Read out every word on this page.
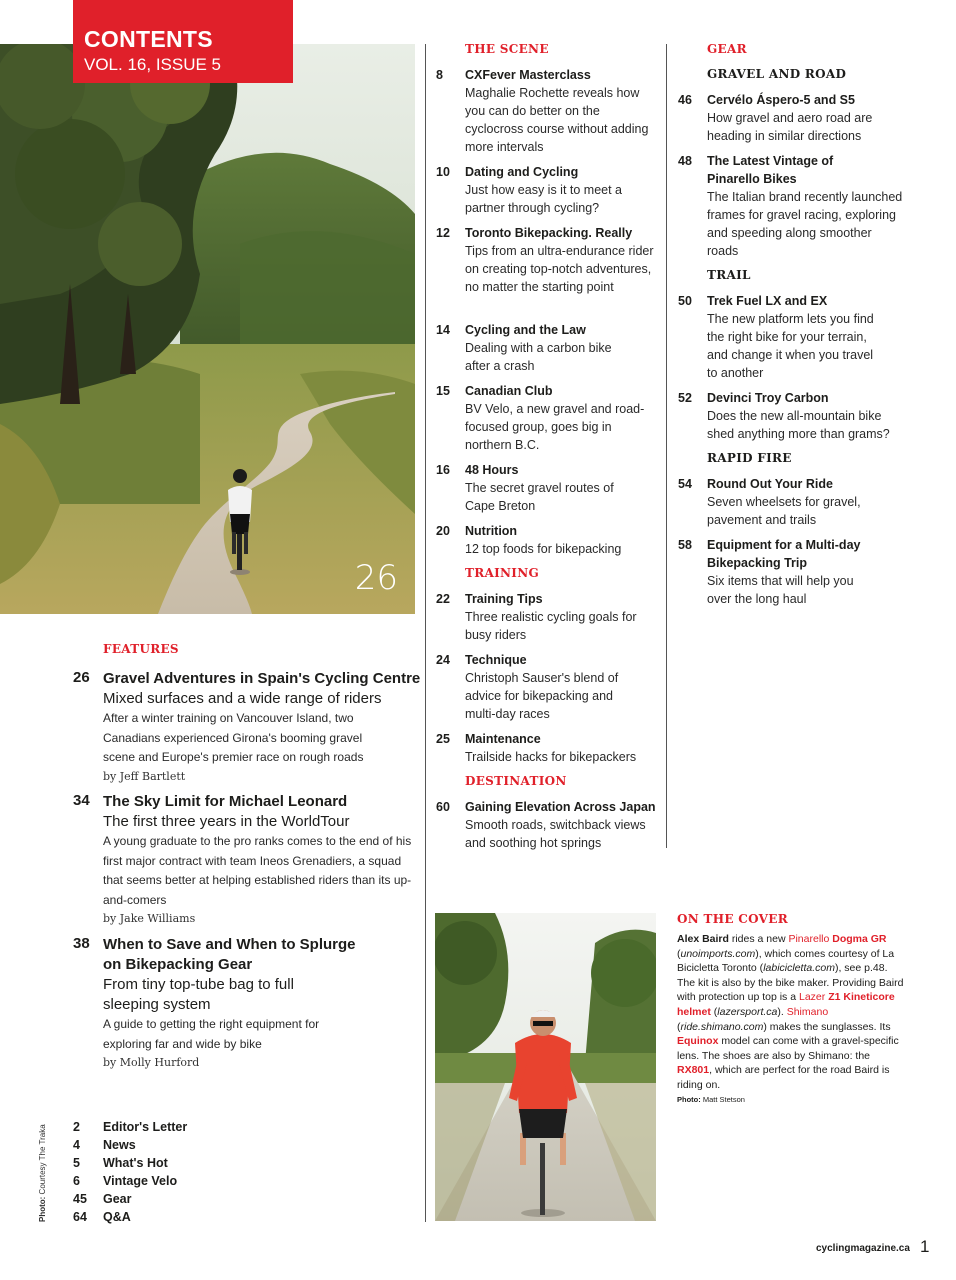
CONTENTS
VOL. 16, ISSUE 5
26
THE SCENE
8 CXFever Masterclass
Maghalie Rochette reveals how you can do better on the cyclocross course without adding more intervals
10 Dating and Cycling
Just how easy is it to meet a partner through cycling?
12 Toronto Bikepacking. Really
Tips from an ultra-endurance rider on creating top-notch adventures, no matter the starting point
14 Cycling and the Law
Dealing with a carbon bike after a crash
15 Canadian Club
BV Velo, a new gravel and road-focused group, goes big in northern B.C.
16 48 Hours
The secret gravel routes of Cape Breton
20 Nutrition
12 top foods for bikepacking
TRAINING
22 Training Tips
Three realistic cycling goals for busy riders
24 Technique
Christoph Sauser's blend of advice for bikepacking and multi-day races
25 Maintenance
Trailside hacks for bikepackers
DESTINATION
60 Gaining Elevation Across Japan
Smooth roads, switchback views and soothing hot springs
GEAR
GRAVEL AND ROAD
46 Cervélo Áspero-5 and S5
How gravel and aero road are heading in similar directions
48 The Latest Vintage of Pinarello Bikes
The Italian brand recently launched frames for gravel racing, exploring and speeding along smoother roads
TRAIL
50 Trek Fuel LX and EX
The new platform lets you find the right bike for your terrain, and change it when you travel to another
52 Devinci Troy Carbon
Does the new all-mountain bike shed anything more than grams?
RAPID FIRE
54 Round Out Your Ride
Seven wheelsets for gravel, pavement and trails
58 Equipment for a Multi-day Bikepacking Trip
Six items that will help you over the long haul
FEATURES
26 Gravel Adventures in Spain's Cycling Centre
Mixed surfaces and a wide range of riders
After a winter training on Vancouver Island, two Canadians experienced Girona's booming gravel scene and Europe's premier race on rough roads
by Jeff Bartlett
34 The Sky Limit for Michael Leonard
The first three years in the WorldTour
A young graduate to the pro ranks comes to the end of his first major contract with team Ineos Grenadiers, a squad that seems better at helping established riders than its up-and-comers
by Jake Williams
38 When to Save and When to Splurge on Bikepacking Gear
From tiny top-tube bag to full sleeping system
A guide to getting the right equipment for exploring far and wide by bike
by Molly Hurford
2 Editor's Letter
4 News
5 What's Hot
6 Vintage Velo
45 Gear
64 Q&A
Photo: Courtesy The Traka
ON THE COVER
Alex Baird rides a new Pinarello Dogma GR (unoimports.com), which comes courtesy of La Bicicletta Toronto (labicicletta.com), see p.48. The kit is also by the bike maker. Providing Baird with protection up top is a Lazer Z1 Kineticore helmet (lazersport.ca). Shimano (ride.shimano.com) makes the sunglasses. Its Equinox model can come with a gravel-specific lens. The shoes are also by Shimano: the RX801, which are perfect for the road Baird is riding on.
Photo: Matt Stetson
cyclingmagazine.ca 1
